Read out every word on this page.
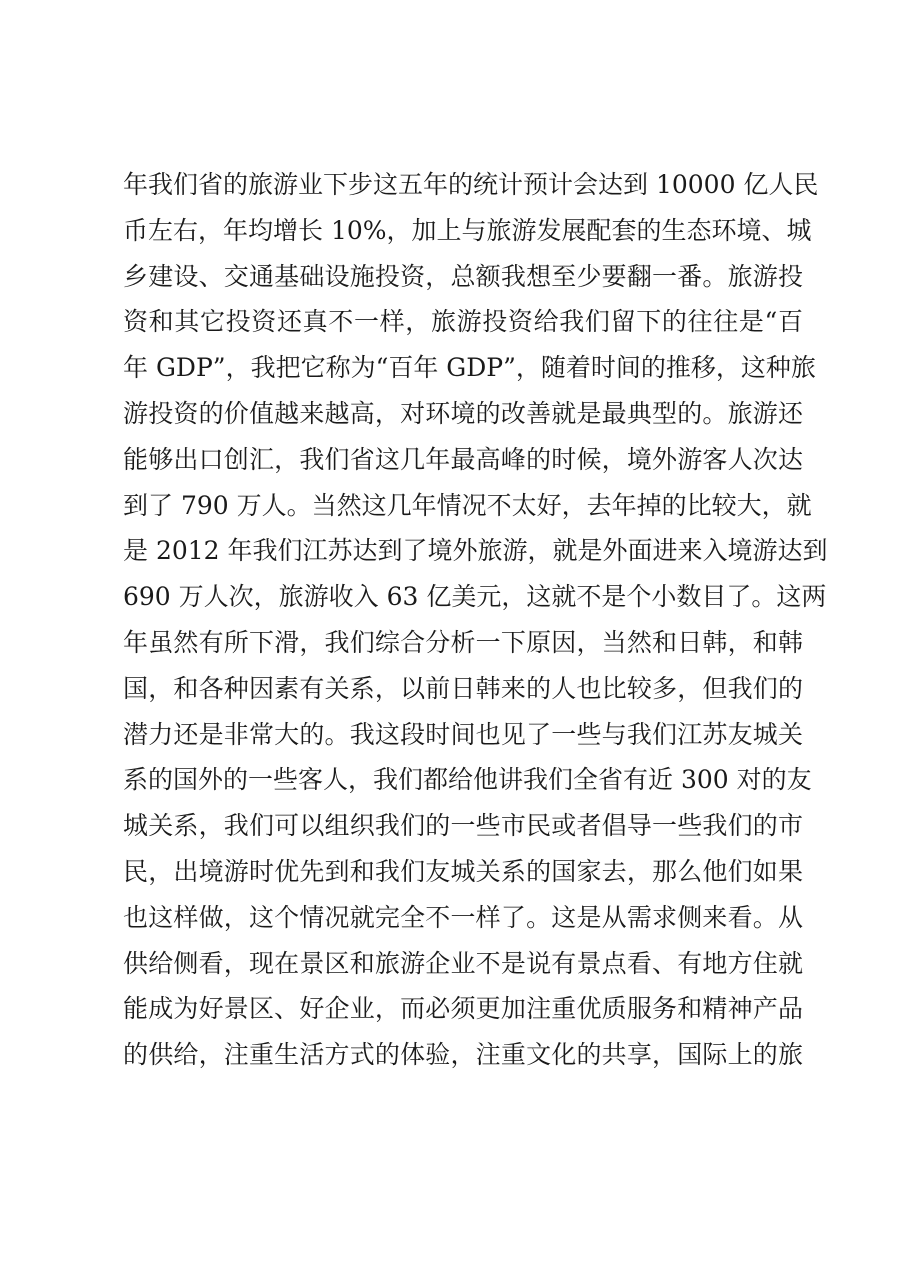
年我们省的旅游业下步这五年的统计预计会达到 10000 亿人民
币左右，年均增长 10%，加上与旅游发展配套的生态环境、城
乡建设、交通基础设施投资，总额我想至少要翻一番。旅游投
资和其它投资还真不一样，旅游投资给我们留下的往往是“百
年 GDP”，我把它称为“百年 GDP”，随着时间的推移，这种旅
游投资的价值越来越高，对环境的改善就是最典型的。旅游还
能够出口创汇，我们省这几年最高峰的时候，境外游客人次达
到了 790 万人。当然这几年情况不太好，去年掉的比较大，就
是 2012 年我们江苏达到了境外旅游，就是外面进来入境游达到
690 万人次，旅游收入 63 亿美元，这就不是个小数目了。这两
年虽然有所下滑，我们综合分析一下原因，当然和日韩，和韩
国，和各种因素有关系，以前日韩来的人也比较多，但我们的
潜力还是非常大的。我这段时间也见了一些与我们江苏友城关
系的国外的一些客人，我们都给他讲我们全省有近 300 对的友
城关系，我们可以组织我们的一些市民或者倡导一些我们的市
民，出境游时优先到和我们友城关系的国家去，那么他们如果
也这样做，这个情况就完全不一样了。这是从需求侧来看。从
供给侧看，现在景区和旅游企业不是说有景点看、有地方住就
能成为好景区、好企业，而必须更加注重优质服务和精神产品
的供给，注重生活方式的体验，注重文化的共享，国际上的旅
